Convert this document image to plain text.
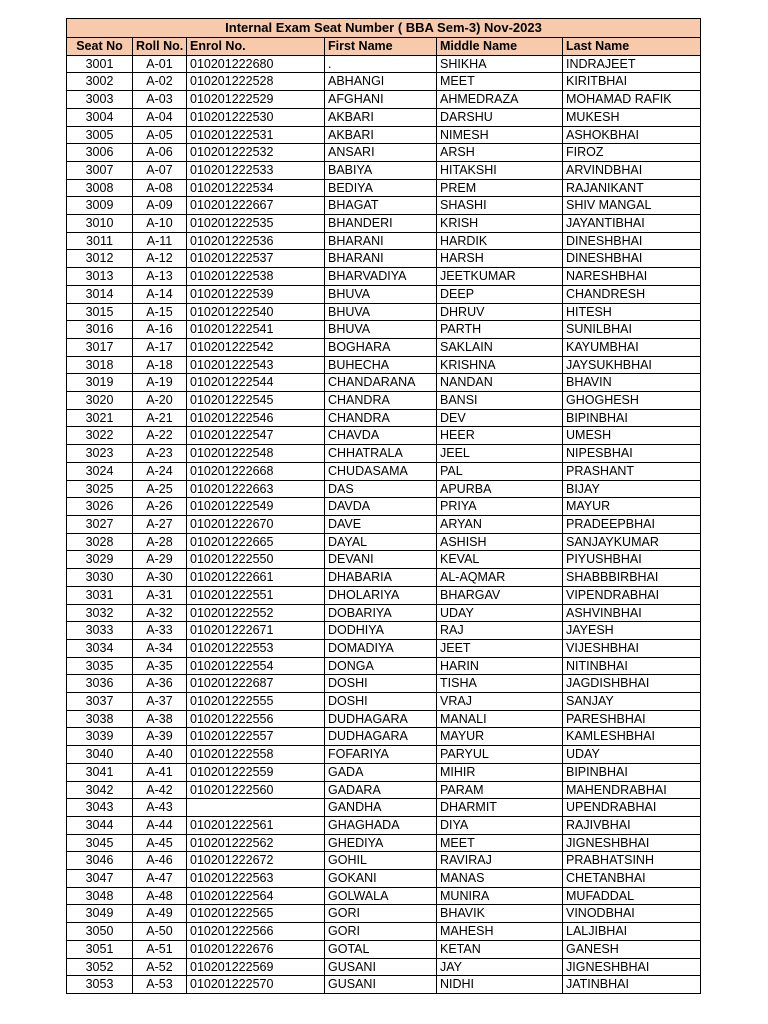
Internal Exam Seat Number ( BBA Sem-3) Nov-2023
Seat No	Roll No.	Enrol No.	First Name	Middle Name	Last Name
3001	A-01	010201222680	.	SHIKHA	INDRAJEET
3002	A-02	010201222528	ABHANGI	MEET	KIRITBHAI
3003	A-03	010201222529	AFGHANI	AHMEDRAZA	MOHAMAD RAFIK
3004	A-04	010201222530	AKBARI	DARSHU	MUKESH
3005	A-05	010201222531	AKBARI	NIMESH	ASHOKBHAI
3006	A-06	010201222532	ANSARI	ARSH	FIROZ
3007	A-07	010201222533	BABIYA	HITAKSHI	ARVINDBHAI
3008	A-08	010201222534	BEDIYA	PREM	RAJANIKANT
3009	A-09	010201222667	BHAGAT	SHASHI	SHIV MANGAL
3010	A-10	010201222535	BHANDERI	KRISH	JAYANTIBHAI
3011	A-11	010201222536	BHARANI	HARDIK	DINESHBHAI
3012	A-12	010201222537	BHARANI	HARSH	DINESHBHAI
3013	A-13	010201222538	BHARVADIYA	JEETKUMAR	NARESHBHAI
3014	A-14	010201222539	BHUVA	DEEP	CHANDRESH
3015	A-15	010201222540	BHUVA	DHRUV	HITESH
3016	A-16	010201222541	BHUVA	PARTH	SUNILBHAI
3017	A-17	010201222542	BOGHARA	SAKLAIN	KAYUMBHAI
3018	A-18	010201222543	BUHECHA	KRISHNA	JAYSUKHBHAI
3019	A-19	010201222544	CHANDARANA	NANDAN	BHAVIN
3020	A-20	010201222545	CHANDRA	BANSI	GHOGHESH
3021	A-21	010201222546	CHANDRA	DEV	BIPINBHAI
3022	A-22	010201222547	CHAVDA	HEER	UMESH
3023	A-23	010201222548	CHHATRALA	JEEL	NIPESBHAI
3024	A-24	010201222668	CHUDASAMA	PAL	PRASHANT
3025	A-25	010201222663	DAS	APURBA	BIJAY
3026	A-26	010201222549	DAVDA	PRIYA	MAYUR
3027	A-27	010201222670	DAVE	ARYAN	PRADEEPBHAI
3028	A-28	010201222665	DAYAL	ASHISH	SANJAYKUMAR
3029	A-29	010201222550	DEVANI	KEVAL	PIYUSHBHAI
3030	A-30	010201222661	DHABARIA	AL-AQMAR	SHABBBIRBHAI
3031	A-31	010201222551	DHOLARIYA	BHARGAV	VIPENDRABHAI
3032	A-32	010201222552	DOBARIYA	UDAY	ASHVINBHAI
3033	A-33	010201222671	DODHIYA	RAJ	JAYESH
3034	A-34	010201222553	DOMADIYA	JEET	VIJESHBHAI
3035	A-35	010201222554	DONGA	HARIN	NITINBHAI
3036	A-36	010201222687	DOSHI	TISHA	JAGDISHBHAI
3037	A-37	010201222555	DOSHI	VRAJ	SANJAY
3038	A-38	010201222556	DUDHAGARA	MANALI	PARESHBHAI
3039	A-39	010201222557	DUDHAGARA	MAYUR	KAMLESHBHAI
3040	A-40	010201222558	FOFARIYA	PARYUL	UDAY
3041	A-41	010201222559	GADA	MIHIR	BIPINBHAI
3042	A-42	010201222560	GADARA	PARAM	MAHENDRABHAI
3043	A-43		GANDHA	DHARMIT	UPENDRABHAI
3044	A-44	010201222561	GHAGHADA	DIYA	RAJIVBHAI
3045	A-45	010201222562	GHEDIYA	MEET	JIGNESHBHAI
3046	A-46	010201222672	GOHIL	RAVIRAJ	PRABHATSINH
3047	A-47	010201222563	GOKANI	MANAS	CHETANBHAI
3048	A-48	010201222564	GOLWALA	MUNIRA	MUFADDAL
3049	A-49	010201222565	GORI	BHAVIK	VINODBHAI
3050	A-50	010201222566	GORI	MAHESH	LALJIBHAI
3051	A-51	010201222676	GOTAL	KETAN	GANESH
3052	A-52	010201222569	GUSANI	JAY	JIGNESHBHAI
3053	A-53	010201222570	GUSANI	NIDHI	JATINBHAI
